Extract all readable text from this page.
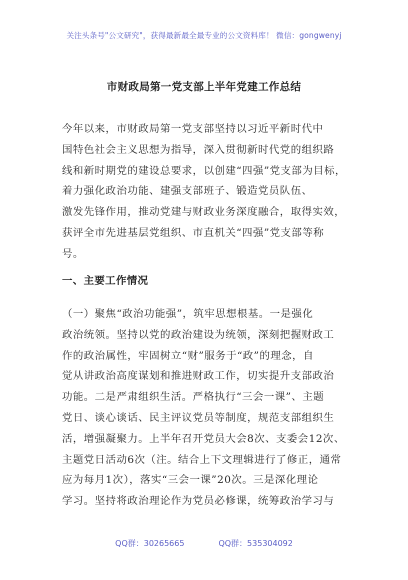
关注头条号"公文研究"，获得最新最全最专业的公文资料库！ 微信：gongwenyj
市财政局第一党支部上半年党建工作总结
今年以来，市财政局第一党支部坚持以习近平新时代中
国特色社会主义思想为指导，深入贯彻新时代党的组织路
线和新时期党的建设总要求，以创建“四强”党支部为目标，
着力强化政治功能、建强支部班子、锻造党员队伍、
激发先锋作用，推动党建与财政业务深度融合，取得实效，
获评全市先进基层党组织、市直机关“四强”党支部等称
号。
一、主要工作情况
（一）聚焦“政治功能强”，筑牢思想根基。一是强化
政治统领。坚持以党的政治建设为统领，深刻把握财政工
作的政治属性，牢固树立“财”服务于“政”的理念，自
觉从讲政治高度谋划和推进财政工作，切实提升支部政治
功能。二是严肃组织生活。严格执行“三会一课”、主题
党日、谈心谈话、民主评议党员等制度，规范支部组织生
活，增强凝聚力。上半年召开党员大会8次、支委会12次、
主题党日活动6次（注。结合上下文理辑进行了修正，通常
应为每月1次），落实“三会一课”20次。三是深化理论
学习。坚持将政治理论作为党员必修课，统筹政治学习与
QQ群：30265665	QQ群：535304092
